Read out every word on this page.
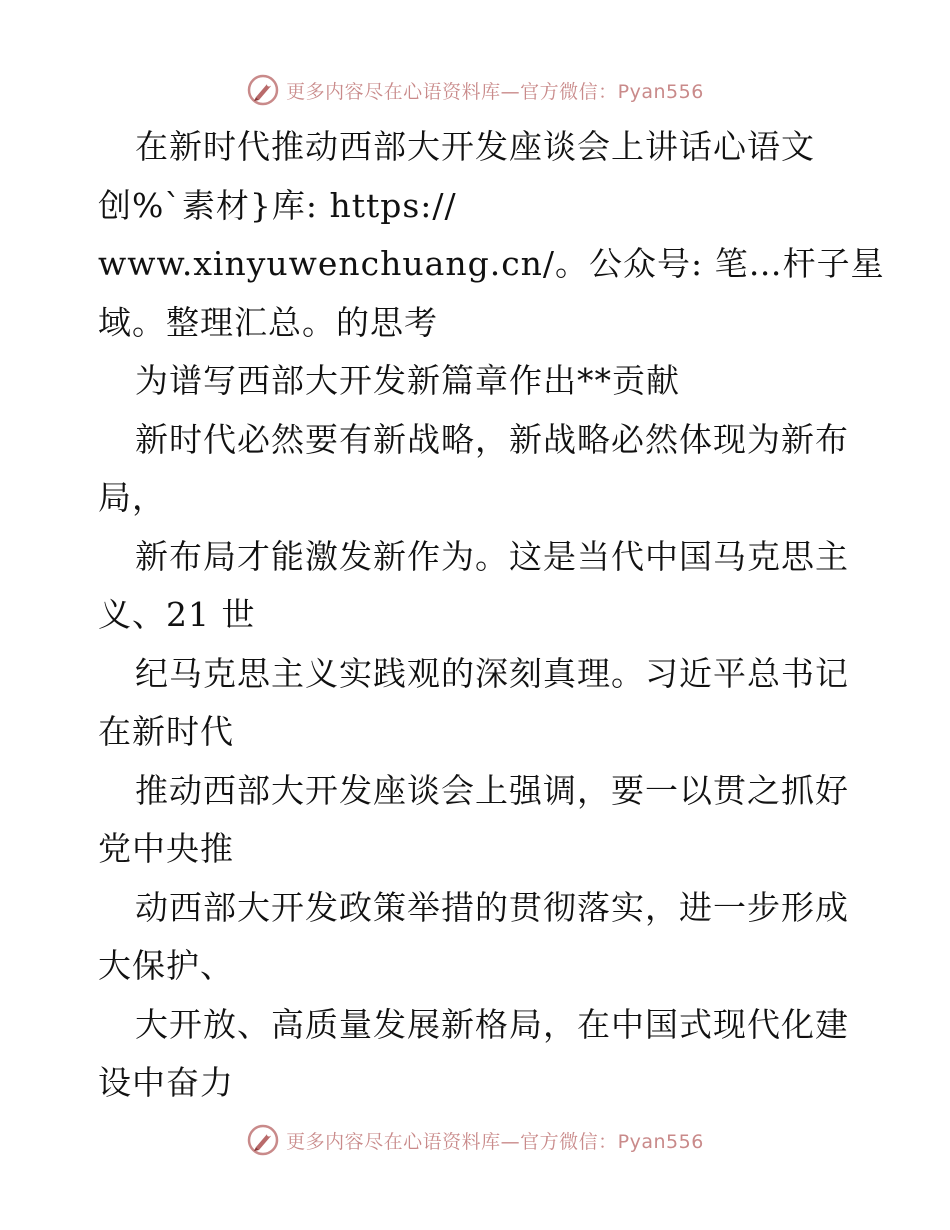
更多内容尽在心语资料库—官方微信：Pyan556
在新时代推动西部大开发座谈会上讲话心语文
创%`素材}库: https://
www.xinyuwenchuang.cn/。公众号: 笔…杆子星
域。整理汇总。的思考
为谱写西部大开发新篇章作出**贡献
新时代必然要有新战略，新战略必然体现为新布
局，
新布局才能激发新作为。这是当代中国马克思主
义、21 世
纪马克思主义实践观的深刻真理。习近平总书记
在新时代
推动西部大开发座谈会上强调，要一以贯之抓好
党中央推
动西部大开发政策举措的贯彻落实，进一步形成
大保护、
大开放、高质量发展新格局，在中国式现代化建
设中奋力
更多内容尽在心语资料库—官方微信：Pyan556
